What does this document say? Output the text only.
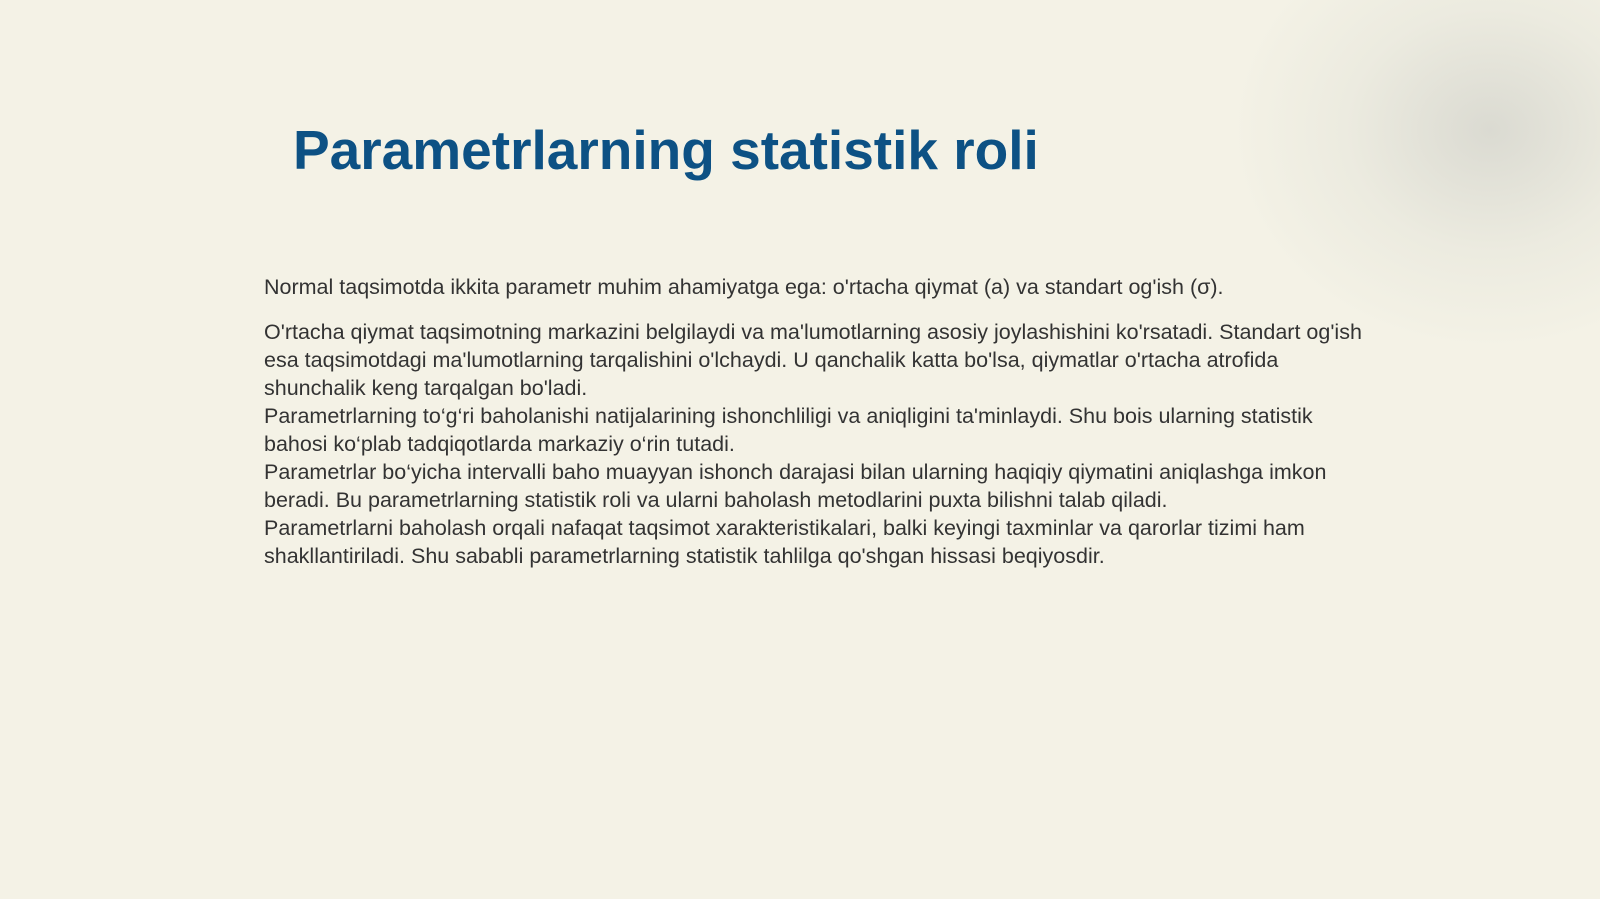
Parametrlarning statistik roli

Normal taqsimotda ikkita parametr muhim ahamiyatga ega: o'rtacha qiymat (a) va standart og'ish (σ).

O'rtacha qiymat taqsimotning markazini belgilaydi va ma'lumotlarning asosiy joylashishini ko'rsatadi. Standart og'ish esa taqsimotdagi ma'lumotlarning tarqalishini o'lchaydi. U qanchalik katta bo'lsa, qiymatlar o'rtacha atrofida shunchalik keng tarqalgan bo'ladi.

Parametrlarning to‘g‘ri baholanishi natijalarining ishonchliligi va aniqligini ta'minlaydi. Shu bois ularning statistik bahosi ko‘plab tadqiqotlarda markaziy o‘rin tutadi.

Parametrlar bo‘yicha intervalli baho muayyan ishonch darajasi bilan ularning haqiqiy qiymatini aniqlashga imkon beradi. Bu parametrlarning statistik roli va ularni baholash metodlarini puxta bilishni talab qiladi.

Parametrlarni baholash orqali nafaqat taqsimot xarakteristikalari, balki keyingi taxminlar va qarorlar tizimi ham shakllantiriladi. Shu sababli parametrlarning statistik tahlilga qo'shgan hissasi beqiyosdir.
